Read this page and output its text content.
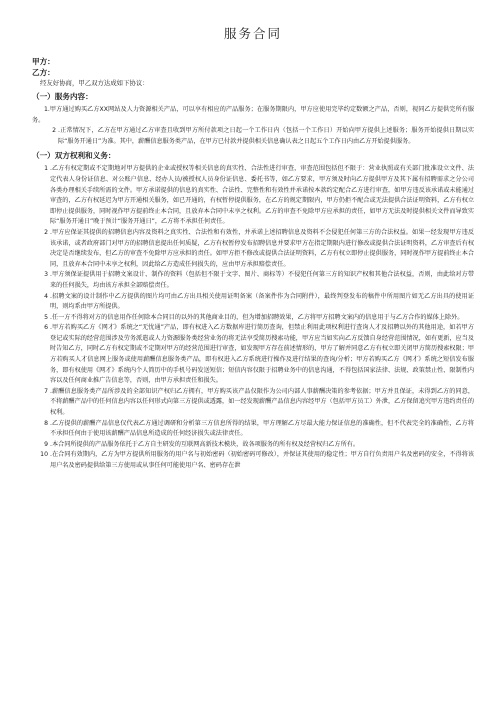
服务合同
甲方：
乙方：
经友好协商，甲乙双方达成如下协议：
（一）服务内容：
1.甲方通过购买乙方XX网站及人力资源相关产品，可以享有相应的产品服务；在服务期限内，甲方应使用完毕约定数额之产品，否则，视同乙方提供完所有服务。
2 .正常情况下，乙方在甲方通过乙方审查且收到甲方所付款项之日起一个工作日内（包括一个工作日）开始向甲方提供上述服务；服务开始提供日期以实际“服务开通日”为准。其中，薪酬信息服务类产品，在甲方已付款并提供相关信息确认表之日起五个工作日内由乙方开始提供服务。
（一）双方权利和义务：
1 .乙方有权定期或不定期地对甲方提供的企业或授权等相关信息的真实性、合法性进行审查，审查范围包括但不限于：营业执照或有关部门批准设立文件、法定代表人身份证信息、对公账户信息、经办人员/被授权人员身份证信息、委托书等，如乙方要求，甲方须及时向乙方提供甲方及其下属有招聘需求之分公司各类办理相关手续所需的文件。甲方承诺提供的信息的真实性、合法性、完整性和有效性并承诺按本款约定配合乙方进行审查，如甲方违反该承诺或未能通过审查的，乙方有权延迟为甲方开通相关服务，如已开通的，有权暂停提供服务，在乙方的规定期限内，甲方仍拒不配合或无法提供合法证明资料，乙方有权立即停止提供服务，同时视作甲方提前终止本合同，且放弃本合同中未享之权利。乙方的审查不免除甲方应承担的责任，如甲方无法及时提供相关文件而导致实际“服务开通日”晚于预计“服务开通日”，乙方将不承担任何责任。
2 .甲方应保证其提供的招聘信息内容及资料之真实性、合法性和有效性，并承诺上述招聘信息及资料不会侵犯任何第三方的合法权益。如果一经发现甲方违反该承诺，或者政府部门对甲方的招聘信息提出任何质疑，乙方有权暂停发布招聘信息并要求甲方在指定期限内进行修改或提供合法证明资料，乙方审查后有权决定是否继续发布，但乙方的审查不免除甲方应承担的责任。如甲方拒不修改或提供合法证明资料，乙方有权立即停止提供服务，同时视作甲方提前终止本合同，且放弃本合同中未享之权利，因此给乙方造成任何损失的，应由甲方承担赔偿责任。
3 .甲方须保证提供用于招聘文案设计、制作的资料（包括但不限于文字、图片、商标等）不侵犯任何第三方的知识产权和其他合法权益，否则，由此给对方带来的任何损失，均由该方承担全部赔偿责任。
4 .招聘文案的设计制作中乙方提供的图片均可由乙方出具相关使用证明备案（备案件作为合同附件），最终判登发布的稿件中所用图片如无乙方出具的使用证明，则均系由甲方所提供。
5 .任一方不得将对方的信息用作任何除本合同目的以外的其他商业目的，但为增加招聘效果，乙方将甲方招聘文案内的信息用于与乙方合作的媒体上除外。
6 .甲方若购买乙方《网才》系统之“无忧通”产品，即有权进入乙方数据库进行简历查询，但禁止利用此项权利进行查询人才及招聘以外的其他用途，如若甲方登记或实际的经营范围涉及劳务派遣或人力资源服务类经营业务的将无法享受简历搜索功能，甲方应当如实向乙方反馈自身经营范围情况，如有更新，应当及时告知乙方，同时乙方有权定期或不定期对甲方的经营范围进行审查，如发现甲方存在前述情形的，甲方了解并同意乙方有权立即关闭甲方简历搜索权限；甲方若购买人才信息网上服务或使用薪酬信息服务类产品，即有权进入乙方系统进行操作及进行结果的查询/分析；甲方若购买乙方《网才》系统之短信发布服务，即有权使用《网才》系统内个人简历中的手机号码发送短信；短信内容仅限于招聘业务中的信息沟通，不得包括国家法律、法规、政策禁止性、限制性内容以及任何商业推广告信息等，否则，由甲方承担责任和损失。
7 .薪酬信息服务类产品所涉及的全部知识产权归乙方拥有，甲方购买该产品仅限作为公司内部人事薪酬决策的参考依据；甲方并且保证，未得到乙方的同意，不将薪酬产品中的任何信息内容以任何形式向第三方提供或透露，如一经发现薪酬产品信息内容经甲方（包括甲方员工）外泄，乙方保留追究甲方违约责任的权利。
8 .乙方提供的薪酬产品信息仅代表乙方通过调研和分析第三方信息所得的结果，甲方理解乙方尽最大能力保证信息的准确性，但不代表完全的准确性，乙方将不承担任何由于使用该薪酬产品信息所造成的任何经济损失或法律责任。
9 .本合同所提供的产品服务依托于乙方自主研发的互联网高新技术模块，故各项服务的所有权及经营权归乙方所有。
10 .在合同有效期内，乙方为甲方提供所用服务的用户名与初始密码（初始密码可修改），并保证其使用的稳定性；甲方自行负责用户名及密码的安全，不得将该用户名及密码提供给第三方使用或从事任何可能使用户名、密码存在泄
